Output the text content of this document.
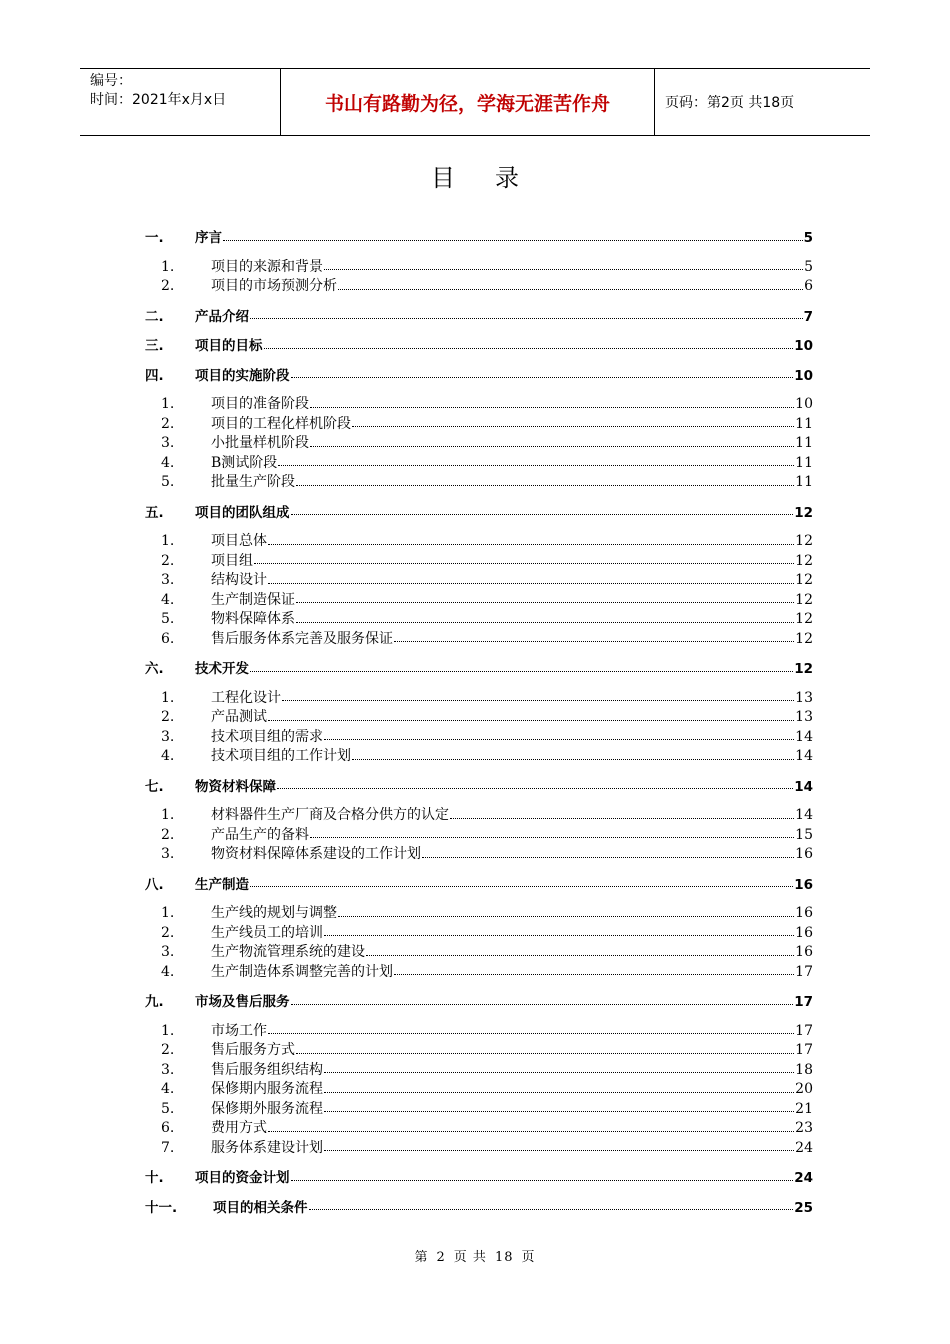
编号：
时间：2021年x月x日	书山有路勤为径，学海无涯苦作舟	页码：第2页 共18页
目录
一.	序言	5
1.	项目的来源和背景	5
2.	项目的市场预测分析	6
二.	产品介绍	7
三.	项目的目标	10
四.	项目的实施阶段	10
1.	项目的准备阶段	10
2.	项目的工程化样机阶段	11
3.	小批量样机阶段	11
4.	B测试阶段	11
5.	批量生产阶段	11
五.	项目的团队组成	12
1.	项目总体	12
2.	项目组	12
3.	结构设计	12
4.	生产制造保证	12
5.	物料保障体系	12
6.	售后服务体系完善及服务保证	12
六.	技术开发	12
1.	工程化设计	13
2.	产品测试	13
3.	技术项目组的需求	14
4.	技术项目组的工作计划	14
七.	物资材料保障	14
1.	材料器件生产厂商及合格分供方的认定	14
2.	产品生产的备料	15
3.	物资材料保障体系建设的工作计划	16
八.	生产制造	16
1.	生产线的规划与调整	16
2.	生产线员工的培训	16
3.	生产物流管理系统的建设	16
4.	生产制造体系调整完善的计划	17
九.	市场及售后服务	17
1.	市场工作	17
2.	售后服务方式	17
3.	售后服务组织结构	18
4.	保修期内服务流程	20
5.	保修期外服务流程	21
6.	费用方式	23
7.	服务体系建设计划	24
十.	项目的资金计划	24
十一.	项目的相关条件	25
第 2 页 共 18 页
